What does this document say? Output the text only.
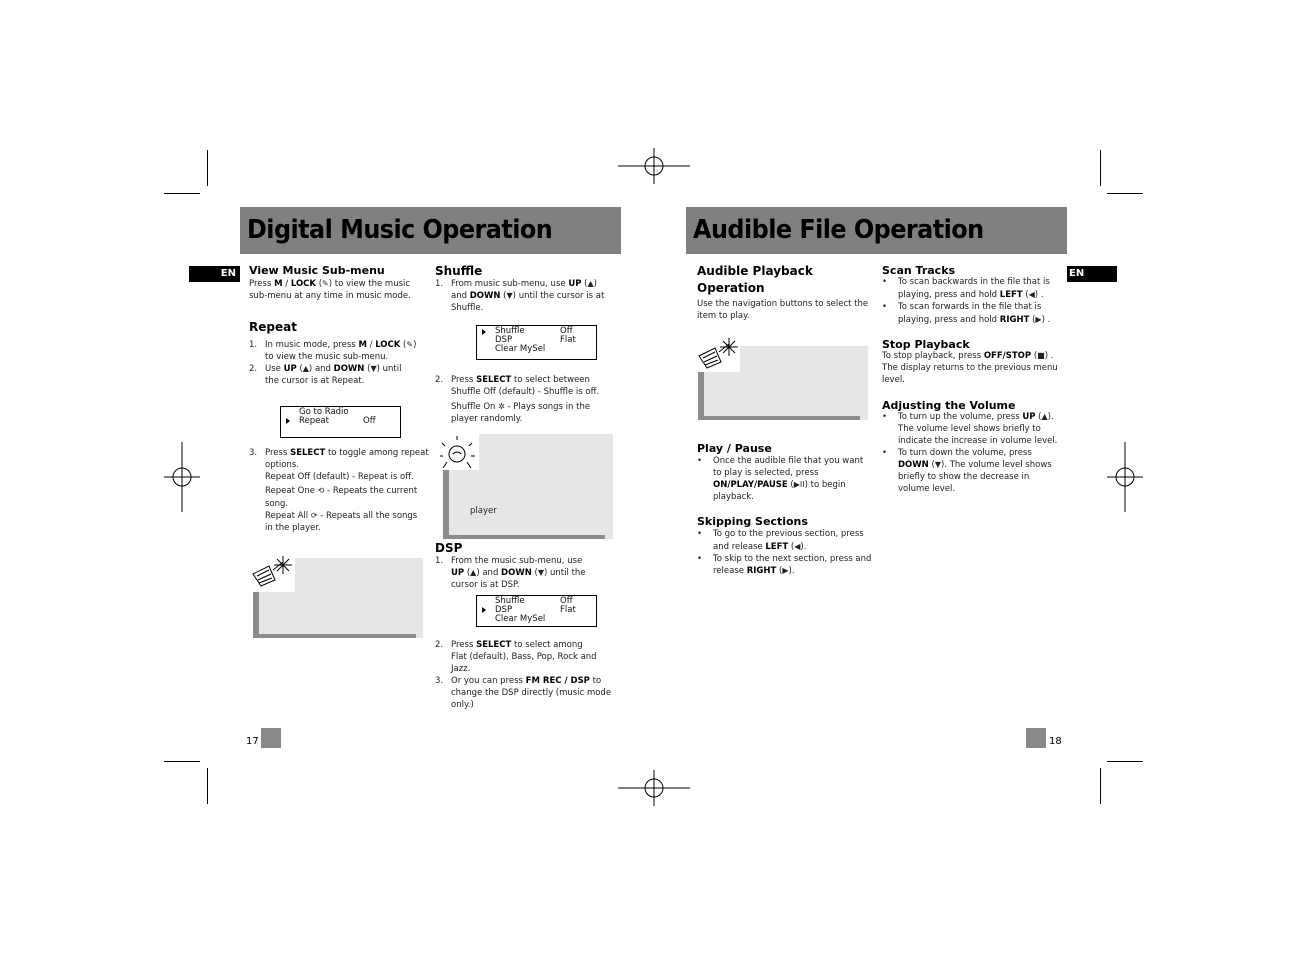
Digital Music Operation
EN	View Music Sub-menu
Press M / LOCK (✎) to view the music
sub-menu at any time in music mode.
Repeat
1. In music mode, press M / LOCK (✎)
to view the music sub-menu.
2. Use UP (▲) and DOWN (▼) until
the cursor is at Repeat.
Go to Radio
Repeat	Off
3. Press SELECT to toggle among repeat
options.
Repeat Off (default) - Repeat is off.
Repeat One ⟲ - Repeats the current
song.
Repeat All ⟳ - Repeats all the songs
in the player.
Shuffle
1. From music sub-menu, use UP (▲)
and DOWN (▼) until the cursor is at
Shuffle.
Shuffle	Off
DSP	Flat
Clear MySel
2. Press SELECT to select between
Shuffle Off (default) - Shuffle is off.
Shuffle On ✲ - Plays songs in the
player randomly.
player
DSP
1. From the music sub-menu, use
UP (▲) and DOWN (▼) until the
cursor is at DSP.
Shuffle	Off
DSP	Flat
Clear MySel
2. Press SELECT to select among
Flat (default), Bass, Pop, Rock and
Jazz.
3. Or you can press FM REC / DSP to
change the DSP directly (music mode
only.)
17
Audible File Operation
EN
Audible Playback
Operation
Use the navigation buttons to select the
item to play.
Play / Pause
• Once the audible file that you want
to play is selected, press
ON/PLAY/PAUSE (▶II) to begin
playback.
Skipping Sections
• To go to the previous section, press
and release LEFT (◀).
• To skip to the next section, press and
release RIGHT (▶).
Scan Tracks
• To scan backwards in the file that is
playing, press and hold LEFT (◀) .
• To scan forwards in the file that is
playing, press and hold RIGHT (▶) .
Stop Playback
To stop playback, press OFF/STOP (■) .
The display returns to the previous menu
level.
Adjusting the Volume
• To turn up the volume, press UP (▲).
The volume level shows briefly to
indicate the increase in volume level.
• To turn down the volume, press
DOWN (▼). The volume level shows
briefly to show the decrease in
volume level.
18
